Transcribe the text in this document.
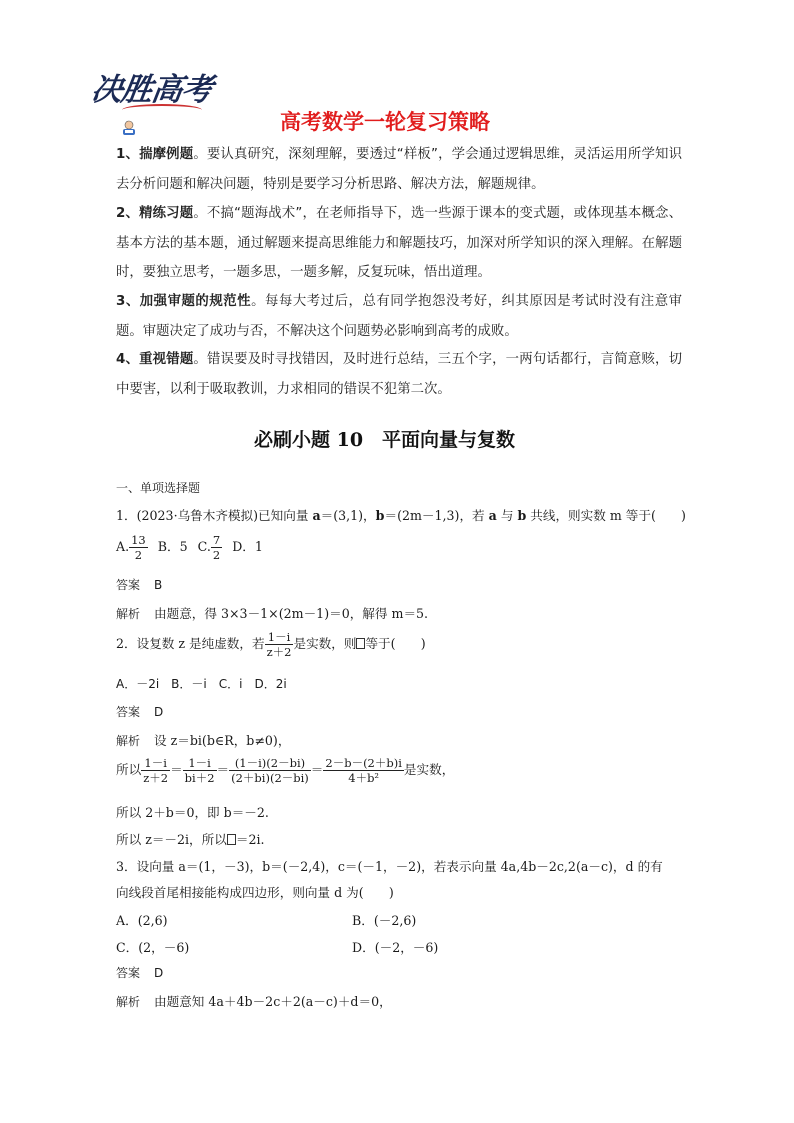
决胜高考
高考数学一轮复习策略
1、揣摩例题。要认真研究，深刻理解，要透过“样板”，学会通过逻辑思维，灵活运用所学知识去分析问题和解决问题，特别是要学习分析思路、解决方法，解题规律。
2、精练习题。不搞“题海战术”，在老师指导下，选一些源于课本的变式题，或体现基本概念、基本方法的基本题，通过解题来提高思维能力和解题技巧，加深对所学知识的深入理解。在解题时，要独立思考，一题多思，一题多解，反复玩味，悟出道理。
3、加强审题的规范性。每每大考过后，总有同学抱怨没考好，纠其原因是考试时没有注意审题。审题决定了成功与否，不解决这个问题势必影响到高考的成败。
4、重视错题。错误要及时寻找错因，及时进行总结，三五个字，一两句话都行，言简意赅，切中要害，以利于吸取教训，力求相同的错误不犯第二次。
必刷小题 10　平面向量与复数
一、单项选择题
1．(2023·乌鲁木齐模拟)已知向量 a＝(3,1)，b＝(2m－1,3)，若 a 与 b 共线，则实数 m 等于(　　)
A. $\frac{13}{2}$ B．5 C. $\frac{7}{2}$ D．1
答案 B
解析 由题意，得 3×3－1×(2m－1)＝0，解得 m＝5.
2．设复数 z 是纯虚数，若 $\frac{1-i}{z+2}$ 是实数，则 等于(　　)
A．－2i　B．－i　C．i　D．2i
答案 D
解析 设 z＝bi(b∈R，b≠0)，
所以 $\frac{1-i}{z+2} = \frac{1-i}{bi+2} = \frac{(1-i)(2-bi)}{(2+bi)(2-bi)} = \frac{2-b-(2+b)i}{\text{4＋b²}}$ 是实数，
所以 2＋b＝0，即 b＝－2.
所以 z＝－2i，所以 ＝2i.
3．设向量 a＝(1，－3)，b＝(－2,4)，c＝(－1，－2)，若表示向量 4a,4b－2c,2(a－c)，d 的有
向线段首尾相接能构成四边形，则向量 d 为(　　)
A．(2,6)	B．(－2,6)
C．(2，－6)	D．(－2，－6)
答案 D
解析 由题意知 4a＋4b－2c＋2(a－c)＋d＝0，
